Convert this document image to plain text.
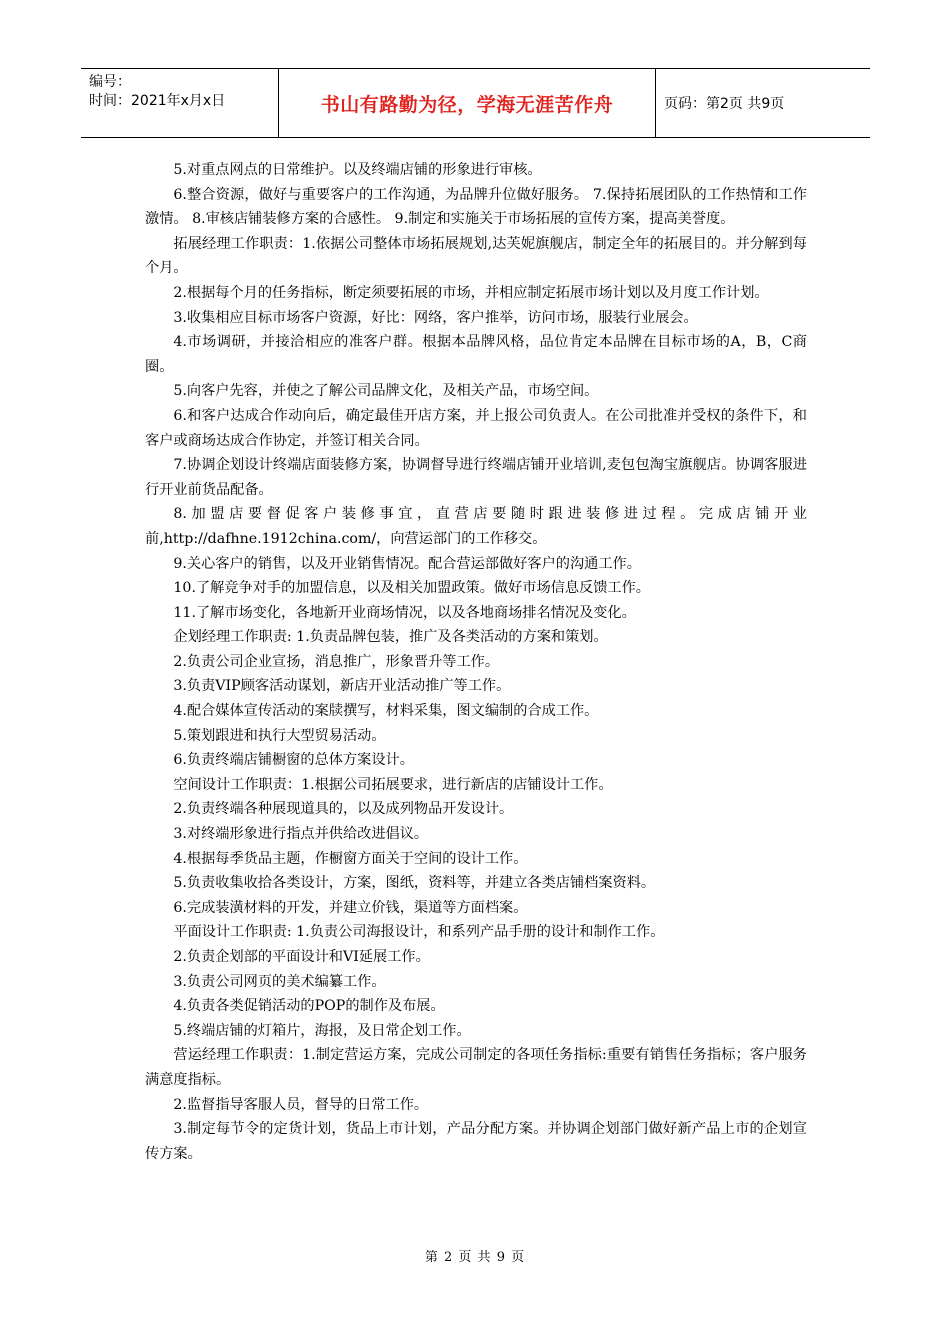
编号：
时间：2021年x月x日	书山有路勤为径，学海无涯苦作舟	页码：第2页 共9页

5.对重点网点的日常维护。以及终端店铺的形象进行审核。

6.整合资源，做好与重要客户的工作沟通，为品牌升位做好服务。 7.保持拓展团队的工作热情和工作激情。 8.审核店铺装修方案的合感性。 9.制定和实施关于市场拓展的宣传方案，提高美誉度。

拓展经理工作职责：1.依据公司整体市场拓展规划,达芙妮旗舰店，制定全年的拓展目的。并分解到每个月。

2.根据每个月的任务指标，断定须要拓展的市场，并相应制定拓展市场计划以及月度工作计划。

3.收集相应目标市场客户资源，好比：网络，客户推举，访问市场，服装行业展会。

4.市场调研，并接洽相应的准客户群。根据本品牌风格，品位肯定本品牌在目标市场的A，B，C商圈。

5.向客户先容，并使之了解公司品牌文化，及相关产品，市场空间。

6.和客户达成合作动向后，确定最佳开店方案，并上报公司负责人。在公司批准并受权的条件下，和客户或商场达成合作协定，并签订相关合同。

7.协调企划设计终端店面装修方案，协调督导进行终端店铺开业培训,麦包包淘宝旗舰店。协调客服进行开业前货品配备。

8.加盟店要督促客户装修事宜，直营店要随时跟进装修进过程。完成店铺开业前,http://dafhne.1912china.com/，向营运部门的工作移交。

9.关心客户的销售，以及开业销售情况。配合营运部做好客户的沟通工作。

10.了解竞争对手的加盟信息，以及相关加盟政策。做好市场信息反馈工作。

11.了解市场变化，各地新开业商场情况，以及各地商场排名情况及变化。

企划经理工作职责: 1.负责品牌包装，推广及各类活动的方案和策划。

2.负责公司企业宣扬，消息推广，形象晋升等工作。

3.负责VIP顾客活动谋划，新店开业活动推广等工作。

4.配合媒体宣传活动的案牍撰写，材料采集，图文编制的合成工作。

5.策划跟进和执行大型贸易活动。

6.负责终端店铺橱窗的总体方案设计。

空间设计工作职责：1.根据公司拓展要求，进行新店的店铺设计工作。

2.负责终端各种展现道具的，以及成列物品开发设计。

3.对终端形象进行指点并供给改进倡议。

4.根据每季货品主题，作橱窗方面关于空间的设计工作。

5.负责收集收拾各类设计，方案，图纸，资料等，并建立各类店铺档案资料。

6.完成装潢材料的开发，并建立价钱，渠道等方面档案。

平面设计工作职责: 1.负责公司海报设计，和系列产品手册的设计和制作工作。

2.负责企划部的平面设计和VI延展工作。

3.负责公司网页的美术编纂工作。

4.负责各类促销活动的POP的制作及布展。

5.终端店铺的灯箱片，海报，及日常企划工作。

营运经理工作职责：1.制定营运方案，完成公司制定的各项任务指标:重要有销售任务指标；客户服务满意度指标。

2.监督指导客服人员，督导的日常工作。

3.制定每节令的定货计划，货品上市计划，产品分配方案。并协调企划部门做好新产品上市的企划宣传方案。

第 2 页 共 9 页
